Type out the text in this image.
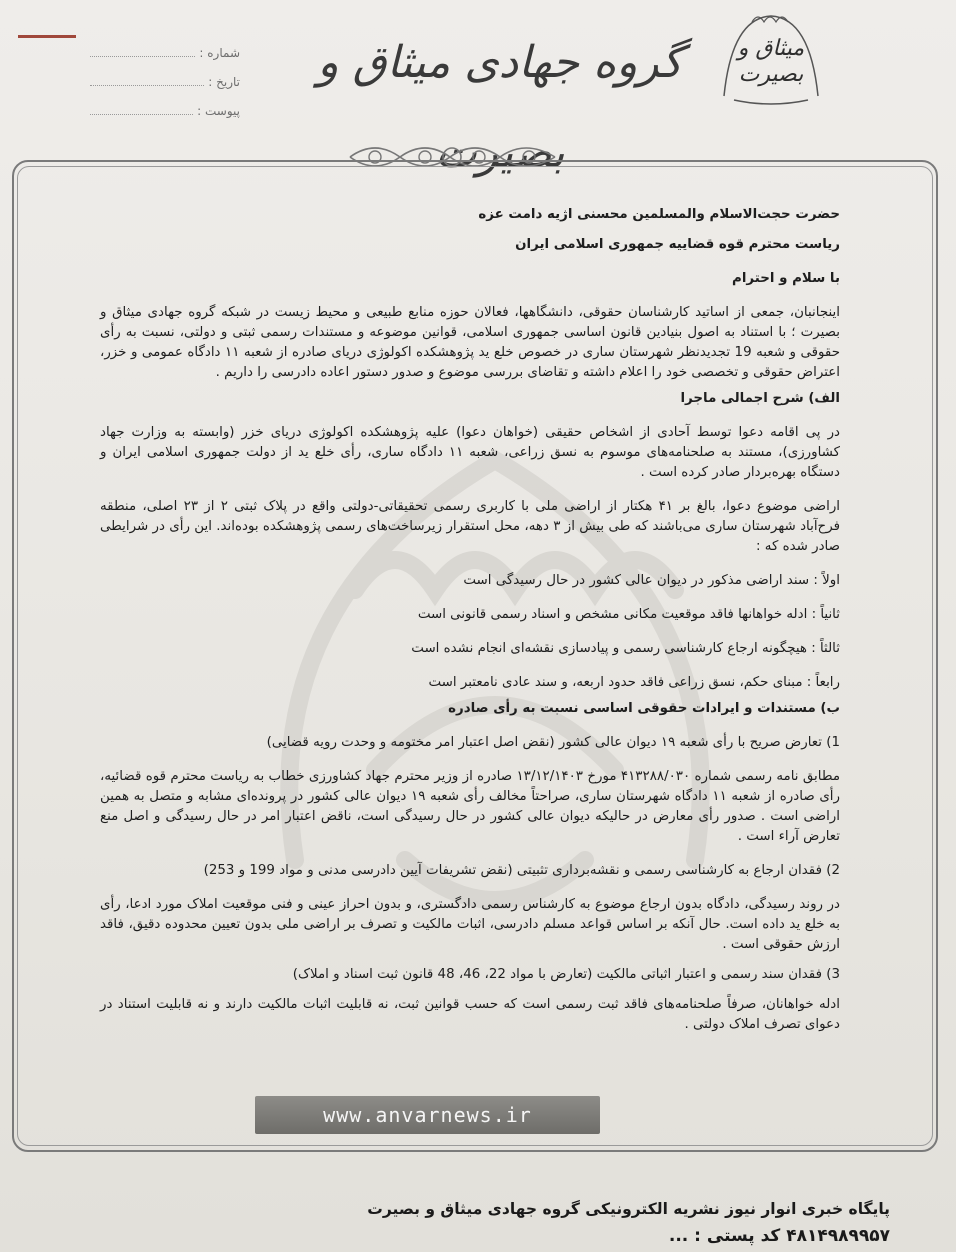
شماره :
تاریخ :
پیوست :
گروه جهادی میثاق و بصیرت
میثاق و بصیرت

حضرت حجت‌الاسلام والمسلمین محسنی اژیه دامت عزه

ریاست محترم قوه قضاییه جمهوری اسلامی ایران

با سلام و احترام

اینجانبان، جمعی از اساتید کارشناسان حقوقی، دانشگاهها، فعالان حوزه منابع طبیعی و محیط زیست در شبکه گروه جهادی میثاق و بصیرت ؛ با استناد به اصول بنیادین قانون اساسی جمهوری اسلامی، قوانین موضوعه و مستندات رسمی ثبتی و دولتی، نسبت به رأی حقوقی و شعبه 19 تجدیدنظر شهرستان ساری در خصوص خلع ید پژوهشکده اکولوژی دریای صادره از شعبه ۱۱ دادگاه عمومی و خزر، اعتراض حقوقی و تخصصی خود را اعلام داشته و تقاضای بررسی موضوع و صدور دستور اعاده دادرسی را داریم .

الف) شرح اجمالی ماجرا

در پی اقامه دعوا توسط آحادی از اشخاص حقیقی (خواهان دعوا) علیه پژوهشکده اکولوژی دریای خزر (وابسته به وزارت جهاد کشاورزی)، مستند به صلحنامه‌های موسوم به نسق زراعی، شعبه ۱۱ دادگاه ساری، رأی خلع ید از دولت جمهوری اسلامی ایران و دستگاه بهره‌بردار صادر کرده است .

اراضی موضوع دعوا، بالغ بر ۴۱ هکتار از اراضی ملی با کاربری رسمی تحقیقاتی-دولتی واقع در پلاک ثبتی ۲ از ۲۳ اصلی، منطقه فرح‌آباد شهرستان ساری می‌باشند که طی بیش از ۳ دهه، محل استقرار زیرساخت‌های رسمی پژوهشکده بوده‌اند. این رأی در شرایطی صادر شده که :

اولاً : سند اراضی مذکور در دیوان عالی کشور در حال رسیدگی است

ثانیاً : ادله خواهانها فاقد موقعیت مکانی مشخص و اسناد رسمی قانونی است

ثالثاً : هیچگونه ارجاع کارشناسی رسمی و پیادسازی نقشه‌ای انجام نشده است

رابعاً : مبنای حکم، نسق زراعی فاقد حدود اربعه، و سند عادی نامعتبر است

ب) مستندات و ایرادات حقوقی اساسی نسبت به رأی صادره

1) تعارض صریح با رأی شعبه ۱۹ دیوان عالی کشور (نقض اصل اعتبار امر مختومه و وحدت رویه قضایی)

مطابق نامه رسمی شماره ۴۱۳۲۸۸/۰۳۰ مورخ ۱۳/۱۲/۱۴۰۳ صادره از وزیر محترم جهاد کشاورزی خطاب به ریاست محترم قوه قضائیه، رأی صادره از شعبه ۱۱ دادگاه شهرستان ساری، صراحتاً مخالف رأی شعبه ۱۹ دیوان عالی کشور در پرونده‌ای مشابه و متصل به همین اراضی است . صدور رأی معارض در حالیکه دیوان عالی کشور در حال رسیدگی است، ناقض اعتبار امر در حال رسیدگی و اصل منع تعارض آراء است .

2) فقدان ارجاع به کارشناسی رسمی و نقشه‌برداری تثبیتی (نقض تشریفات آیین دادرسی مدنی و مواد 199 و 253)

در روند رسیدگی، دادگاه بدون ارجاع موضوع به کارشناس رسمی دادگستری، و بدون احراز عینی و فنی موقعیت املاک مورد ادعا، رأی به خلع ید داده است. حال آنکه بر اساس قواعد مسلم دادرسی، اثبات مالکیت و تصرف بر اراضی ملی بدون تعیین محدوده دقیق، فاقد ارزش حقوقی است .

3) فقدان سند رسمی و اعتبار اثباتی مالکیت (تعارض با مواد 22، 46، 48 قانون ثبت اسناد و املاک)

ادله خواهانان، صرفاً صلحنامه‌های فاقد ثبت رسمی است که حسب قوانین ثبت، نه قابلیت اثبات مالکیت دارند و نه قابلیت استناد در دعوای تصرف املاک دولتی .

www.anvarnews.ir
پایگاه خبری انوار نیوز نشریه الکترونیکی گروه جهادی میثاق و بصیرت
۴۸۱۴۹۸۹۹۵۷ کد پستی : ...
